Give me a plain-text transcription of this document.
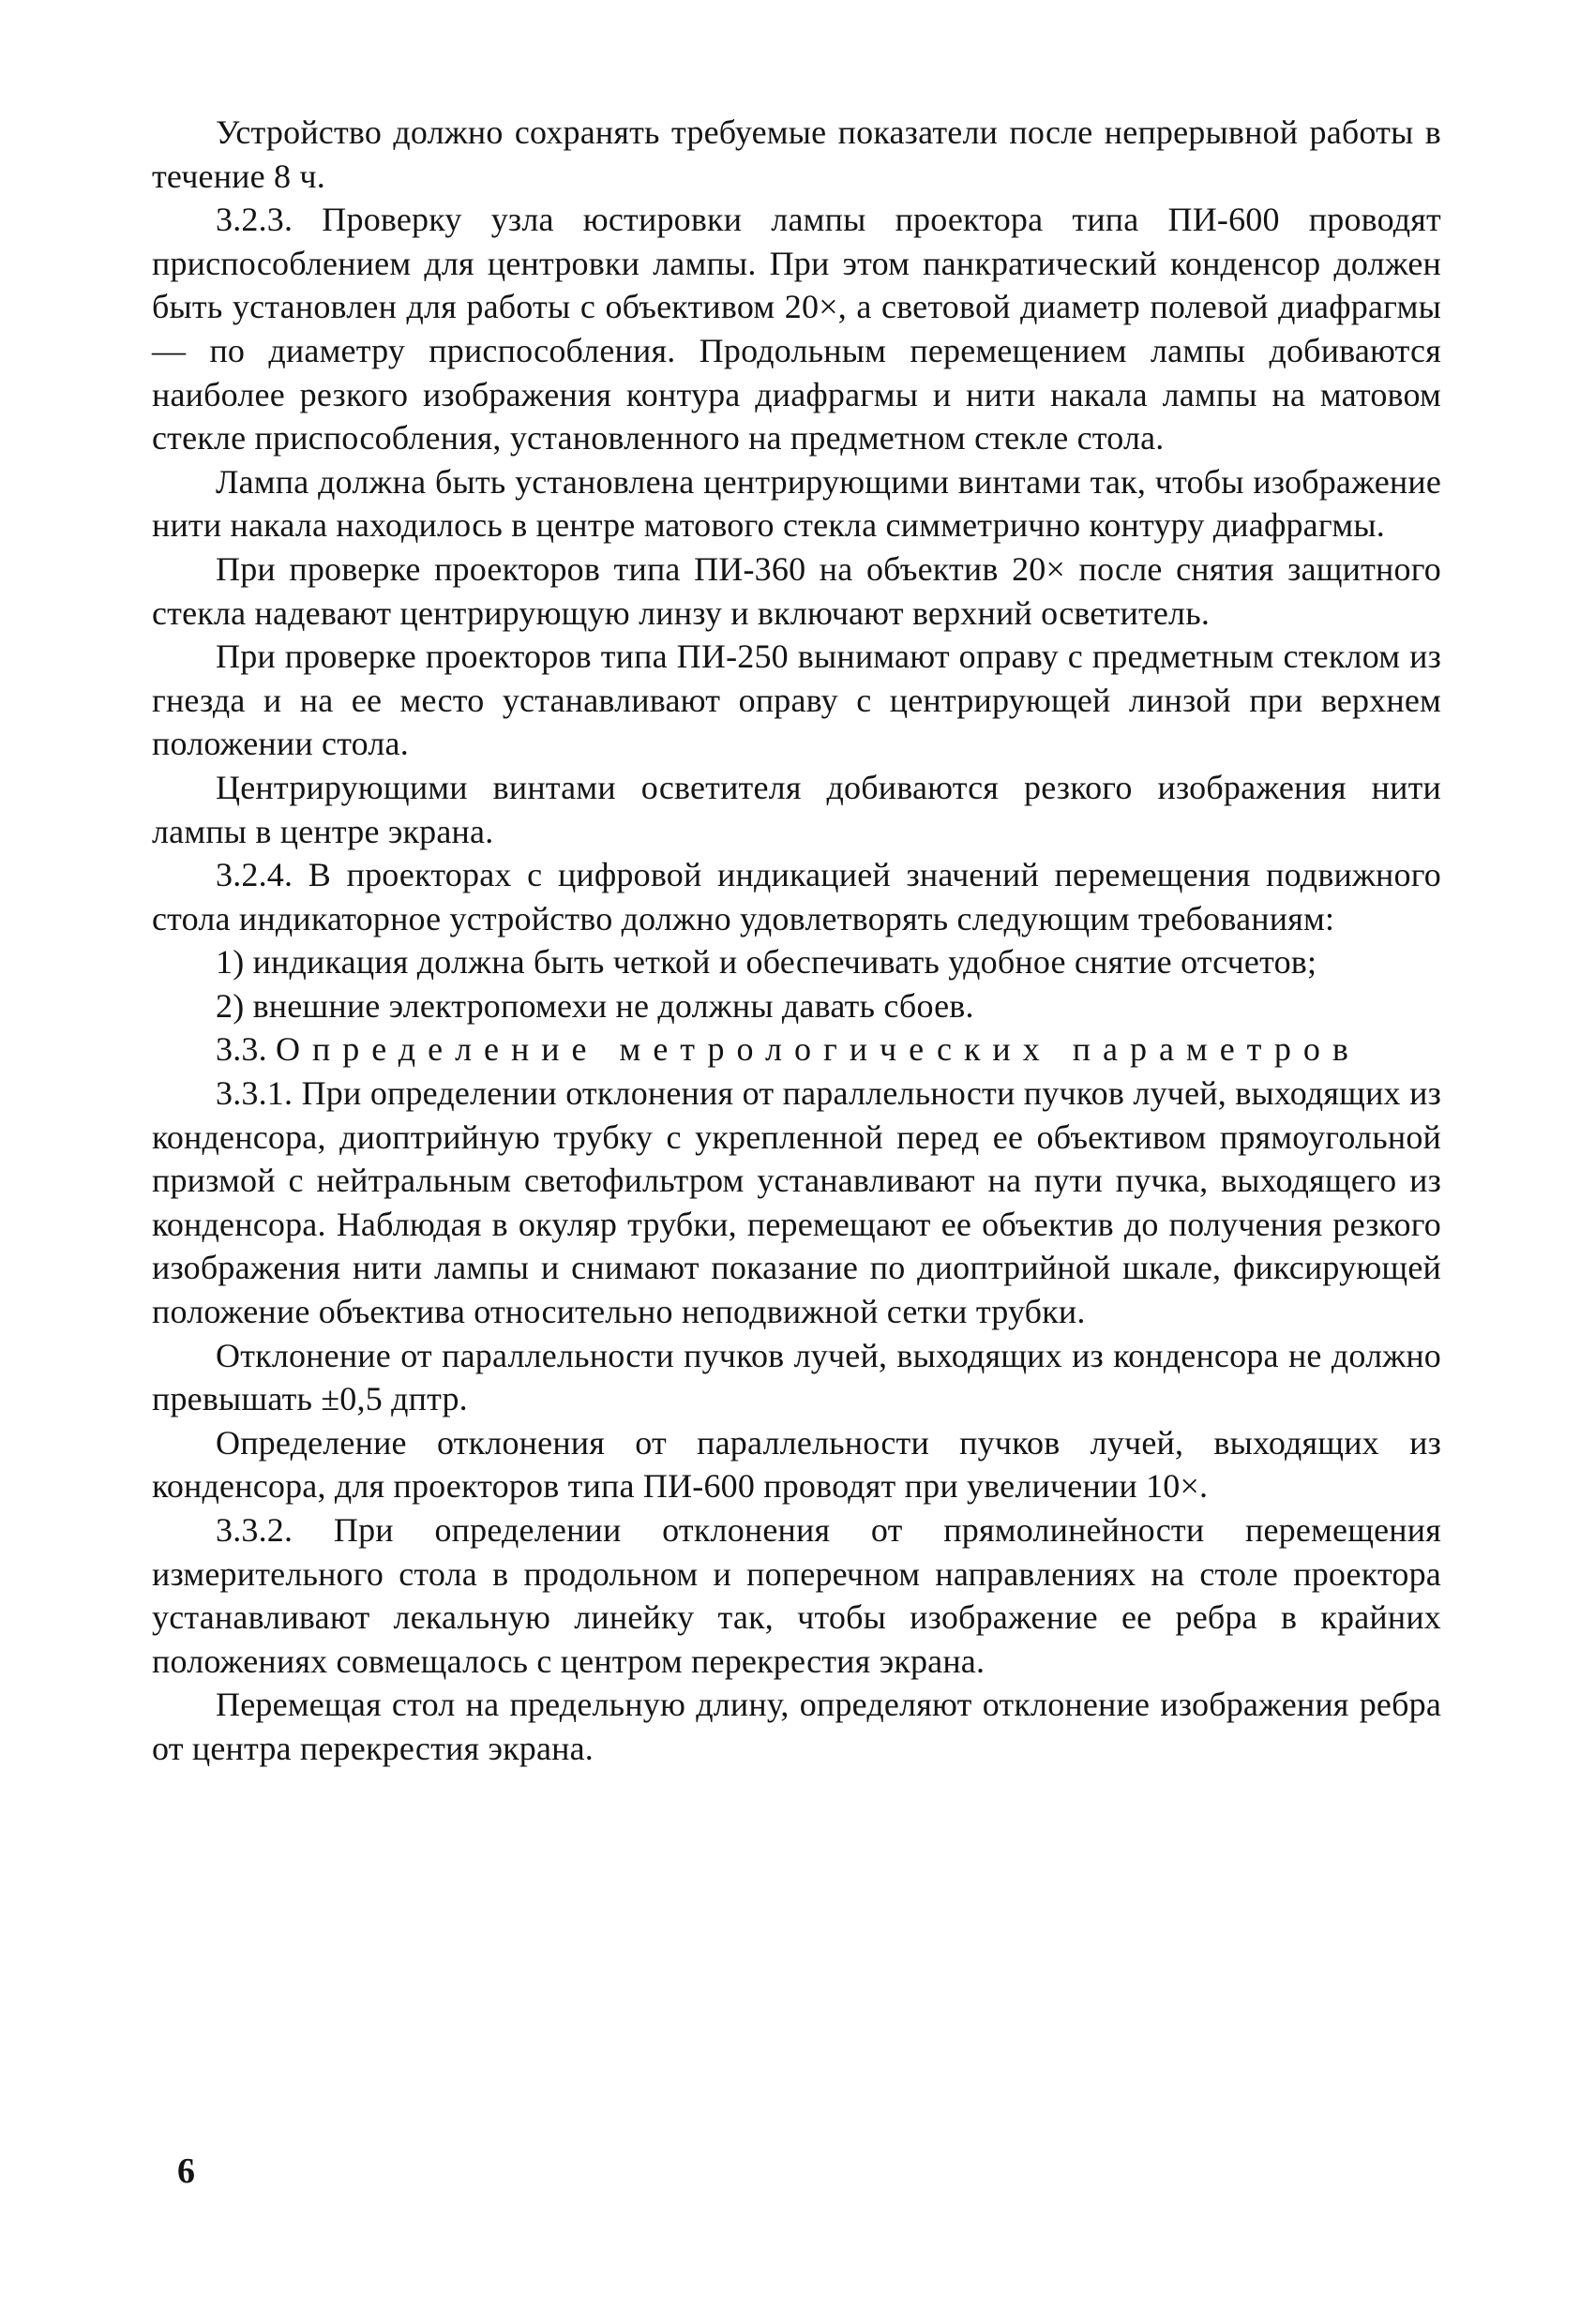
Устройство должно сохранять требуемые показатели после непрерывной работы в течение 8 ч.

3.2.3. Проверку узла юстировки лампы проектора типа ПИ-600 проводят приспособлением для центровки лампы. При этом панкратический конденсор должен быть установлен для работы с объективом 20×, а световой диаметр полевой диафрагмы — по диаметру приспособления. Продольным перемещением лампы добиваются наиболее резкого изображения контура диафрагмы и нити накала лампы на матовом стекле приспособления, установленного на предметном стекле стола.

Лампа должна быть установлена центрирующими винтами так, чтобы изображение нити накала находилось в центре матового стекла симметрично контуру диафрагмы.

При проверке проекторов типа ПИ-360 на объектив 20× после снятия защитного стекла надевают центрирующую линзу и включают верхний осветитель.

При проверке проекторов типа ПИ-250 вынимают оправу с предметным стеклом из гнезда и на ее место устанавливают оправу с центрирующей линзой при верхнем положении стола.

Центрирующими винтами осветителя добиваются резкого изображения нити лампы в центре экрана.

3.2.4. В проекторах с цифровой индикацией значений перемещения подвижного стола индикаторное устройство должно удовлетворять следующим требованиям:

1) индикация должна быть четкой и обеспечивать удобное снятие отсчетов;

2) внешние электропомехи не должны давать сбоев.

3.3. Определение метрологических параметров

3.3.1. При определении отклонения от параллельности пучков лучей, выходящих из конденсора, диоптрийную трубку с укрепленной перед ее объективом прямоугольной призмой с нейтральным светофильтром устанавливают на пути пучка, выходящего из конденсора. Наблюдая в окуляр трубки, перемещают ее объектив до получения резкого изображения нити лампы и снимают показание по диоптрийной шкале, фиксирующей положение объектива относительно неподвижной сетки трубки.

Отклонение от параллельности пучков лучей, выходящих из конденсора не должно превышать ±0,5 дптр.

Определение отклонения от параллельности пучков лучей, выходящих из конденсора, для проекторов типа ПИ-600 проводят при увеличении 10×.

3.3.2. При определении отклонения от прямолинейности перемещения измерительного стола в продольном и поперечном направлениях на столе проектора устанавливают лекальную линейку так, чтобы изображение ее ребра в крайних положениях совмещалось с центром перекрестия экрана.

Перемещая стол на предельную длину, определяют отклонение изображения ребра от центра перекрестия экрана.

6
